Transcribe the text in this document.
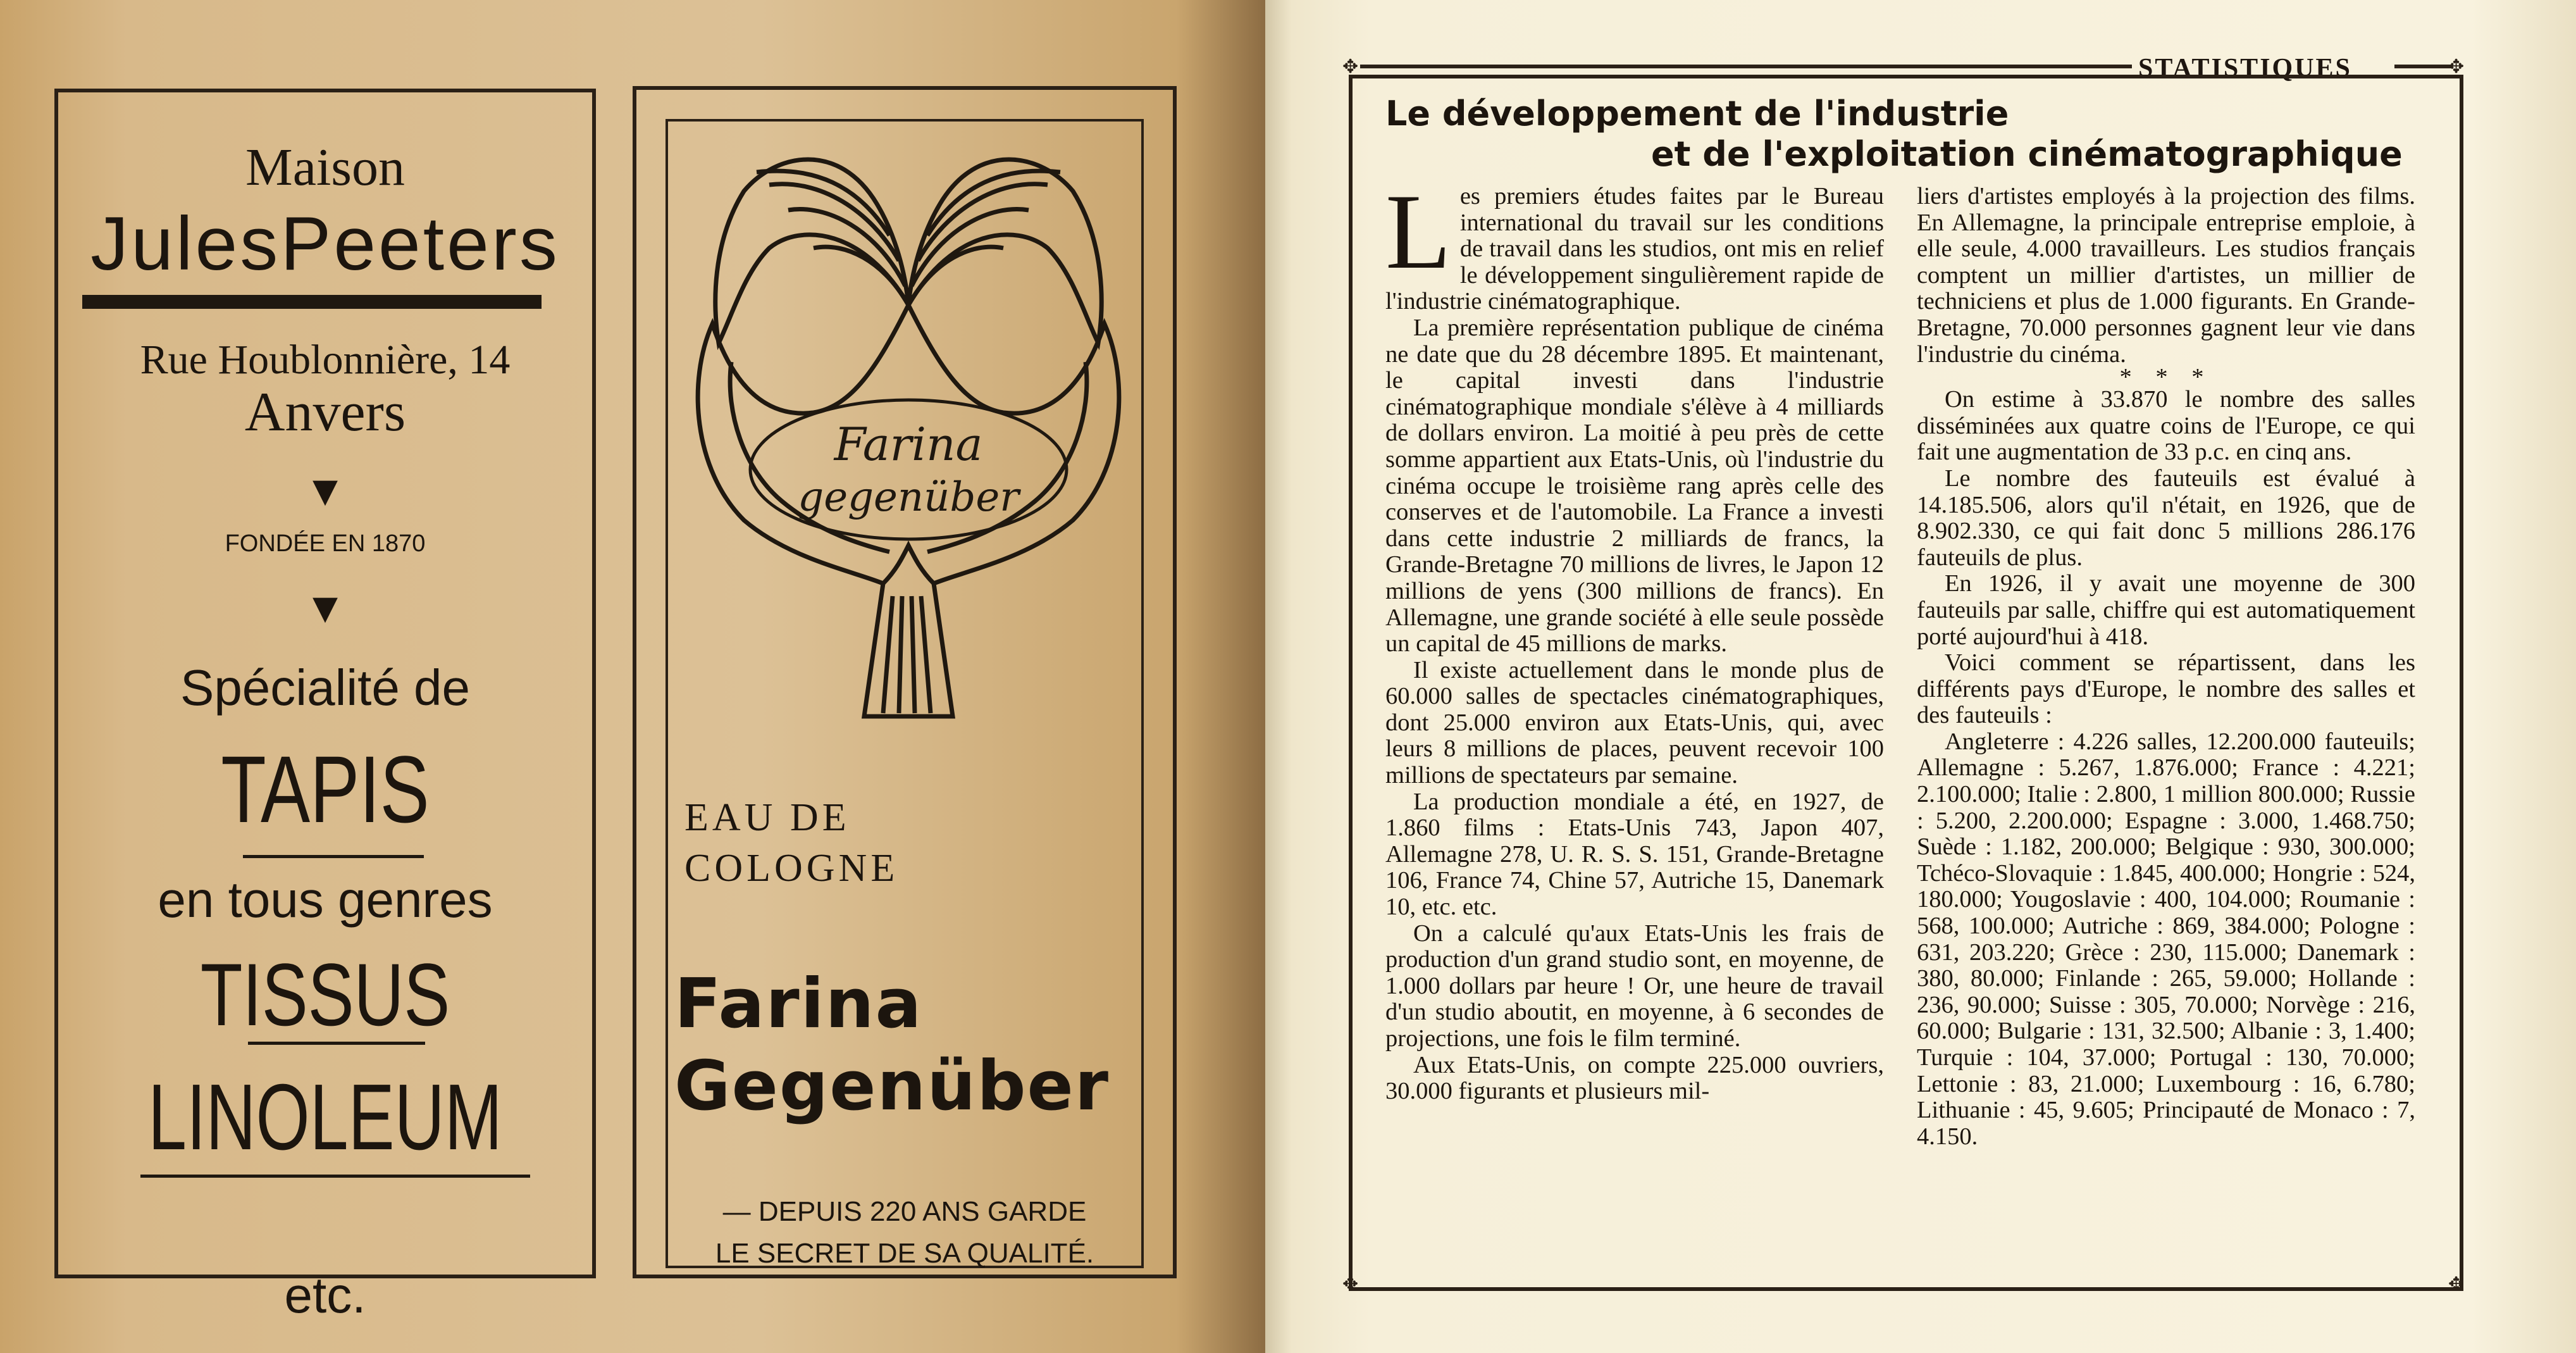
Maison
JulesPeeters
Rue Houblonnière, 14
Anvers
▼
FONDÉE EN 1870
▼
Spécialité de
TAPIS
en tous genres
TISSUS
LINOLEUM
etc.
Farina
gegenüber
EAU DE
COLOGNE
Farina
Gegenüber
— DEPUIS 220 ANS GARDE
LE SECRET DE SA QUALITÉ.
STATISTIQUES
✥	✥
✥	✥
Le développement de l'industrie
et de l'exploitation cinématographique

Les premiers études faites par le Bureau international du travail sur les conditions de travail dans les studios, ont mis en relief le développement singulièrement rapide de l'industrie cinématographique.

La première représentation publique de cinéma ne date que du 28 décembre 1895. Et maintenant, le capital investi dans l'industrie cinématographique mondiale s'élève à 4 milliards de dollars environ. La moitié à peu près de cette somme appartient aux Etats-Unis, où l'industrie du cinéma occupe le troisième rang après celle des conserves et de l'automobile. La France a investi dans cette industrie 2 milliards de francs, la Grande-Bretagne 70 millions de livres, le Japon 12 millions de yens (300 millions de francs). En Allemagne, une grande société à elle seule possède un capital de 45 millions de marks.

Il existe actuellement dans le monde plus de 60.000 salles de spectacles cinématographiques, dont 25.000 environ aux Etats-Unis, qui, avec leurs 8 millions de places, peuvent recevoir 100 millions de spectateurs par semaine.

La production mondiale a été, en 1927, de 1.860 films : Etats-Unis 743, Japon 407, Allemagne 278, U. R. S. S. 151, Grande-Bretagne 106, France 74, Chine 57, Autriche 15, Danemark 10, etc. etc.

On a calculé qu'aux Etats-Unis les frais de production d'un grand studio sont, en moyenne, de 1.000 dollars par heure ! Or, une heure de travail d'un studio aboutit, en moyenne, à 6 secondes de projections, une fois le film terminé.

Aux Etats-Unis, on compte 225.000 ouvriers, 30.000 figurants et plusieurs mil-

liers d'artistes employés à la projection des films. En Allemagne, la principale entreprise emploie, à elle seule, 4.000 travailleurs. Les studios français comptent un millier d'artistes, un millier de techniciens et plus de 1.000 figurants. En Grande-Bretagne, 70.000 personnes gagnent leur vie dans l'industrie du cinéma.

* * *

On estime à 33.870 le nombre des salles disséminées aux quatre coins de l'Europe, ce qui fait une augmentation de 33 p.c. en cinq ans.

Le nombre des fauteuils est évalué à 14.185.506, alors qu'il n'était, en 1926, que de 8.902.330, ce qui fait donc 5 millions 286.176 fauteuils de plus.

En 1926, il y avait une moyenne de 300 fauteuils par salle, chiffre qui est automatiquement porté aujourd'hui à 418.

Voici comment se répartissent, dans les différents pays d'Europe, le nombre des salles et des fauteuils :

Angleterre : 4.226 salles, 12.200.000 fauteuils; Allemagne : 5.267, 1.876.000; France : 4.221; 2.100.000; Italie : 2.800, 1 million 800.000; Russie : 5.200, 2.200.000; Espagne : 3.000, 1.468.750; Suède : 1.182, 200.000; Belgique : 930, 300.000; Tchéco-Slovaquie : 1.845, 400.000; Hongrie : 524, 180.000; Yougoslavie : 400, 104.000; Roumanie : 568, 100.000; Autriche : 869, 384.000; Pologne : 631, 203.220; Grèce : 230, 115.000; Danemark : 380, 80.000; Finlande : 265, 59.000; Hollande : 236, 90.000; Suisse : 305, 70.000; Norvège : 216, 60.000; Bulgarie : 131, 32.500; Albanie : 3, 1.400; Turquie : 104, 37.000; Portugal : 130, 70.000; Lettonie : 83, 21.000; Luxembourg : 16, 6.780; Lithuanie : 45, 9.605; Principauté de Monaco : 7, 4.150.
